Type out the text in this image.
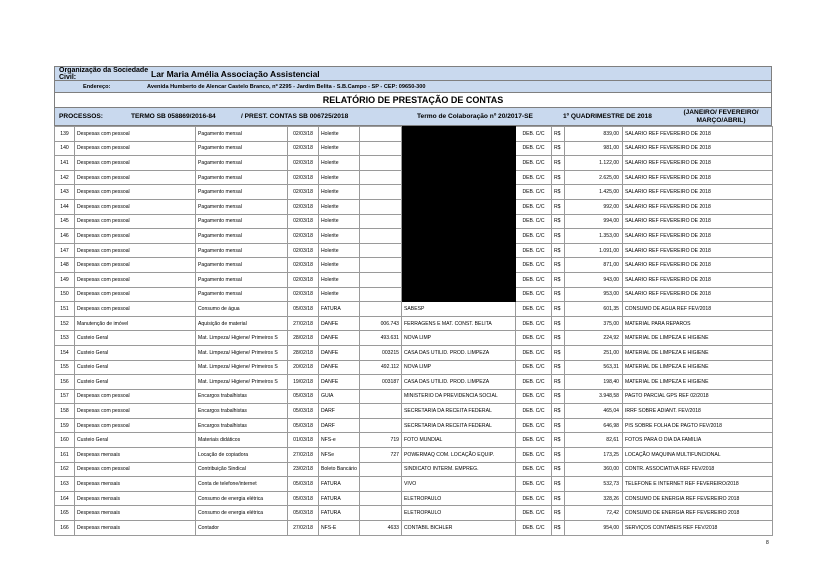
Organização da Sociedade Civil:	Lar Maria Amélia Associação Assistencial
Endereço:	Avenida Humberto de Alencar Castelo Branco, nº 2295 - Jardim Belita - S.B.Campo - SP - CEP: 09650-300
RELATÓRIO DE PRESTAÇÃO DE CONTAS
PROCESSOS:	TERMO SB 058869/2016-84	/ PREST. CONTAS SB 006725/2018	Termo de Colaboração nº 20/2017-SE	1º QUADRIMESTRE DE 2018
(JANEIRO/ FEVEREIRO/
MARÇO/ABRIL)
139	Despesas com pessoal	Pagamento mensal	02/03/18	Holerite			DEB. C/C	R$	839,00	SALARIO REF FEVEREIRO DE 2018
140	Despesas com pessoal	Pagamento mensal	02/03/18	Holerite			DEB. C/C	R$	981,00	SALARIO REF FEVEREIRO DE 2018
141	Despesas com pessoal	Pagamento mensal	02/03/18	Holerite			DEB. C/C	R$	1.122,00	SALARIO REF FEVEREIRO DE 2018
142	Despesas com pessoal	Pagamento mensal	02/03/18	Holerite			DEB. C/C	R$	2.625,00	SALARIO REF FEVEREIRO DE 2018
143	Despesas com pessoal	Pagamento mensal	02/03/18	Holerite			DEB. C/C	R$	1.425,00	SALARIO REF FEVEREIRO DE 2018
144	Despesas com pessoal	Pagamento mensal	02/03/18	Holerite			DEB. C/C	R$	992,00	SALARIO REF FEVEREIRO DE 2018
145	Despesas com pessoal	Pagamento mensal	02/03/18	Holerite			DEB. C/C	R$	994,00	SALARIO REF FEVEREIRO DE 2018
146	Despesas com pessoal	Pagamento mensal	02/03/18	Holerite			DEB. C/C	R$	1.353,00	SALARIO REF FEVEREIRO DE 2018
147	Despesas com pessoal	Pagamento mensal	02/03/18	Holerite			DEB. C/C	R$	1.091,00	SALARIO REF FEVEREIRO DE 2018
148	Despesas com pessoal	Pagamento mensal	02/03/18	Holerite			DEB. C/C	R$	871,00	SALARIO REF FEVEREIRO DE 2018
149	Despesas com pessoal	Pagamento mensal	02/03/18	Holerite			DEB. C/C	R$	943,00	SALARIO REF FEVEREIRO DE 2018
150	Despesas com pessoal	Pagamento mensal	02/03/18	Holerite			DEB. C/C	R$	953,00	SALARIO REF FEVEREIRO DE 2018
151	Despesas com pessoal	Consumo de água	05/03/18	FATURA		SABESP	DEB. C/C	R$	601,35	CONSUMO DE AGUA REF FEV/2018
152	Manutenção de imóvel	Aquisição de material	27/02/18	DANFE	006.743	FERRAGENS E MAT. CONST. BELITA	DEB. C/C	R$	375,00	MATERIAL PARA REPAROS
153	Custeio Geral	Mat. Limpeza/ Higiene/ Primeiros S	28/02/18	DANFE	493.631	NOVA LIMP	DEB. C/C	R$	224,92	MATERIAL DE LIMPEZA E HIGIENE
154	Custeio Geral	Mat. Limpeza/ Higiene/ Primeiros S	28/02/18	DANFE	003215	CASA DAS UTILID. PROD. LIMPEZA	DEB. C/C	R$	251,00	MATERIAL DE LIMPEZA E HIGIENE
155	Custeio Geral	Mat. Limpeza/ Higiene/ Primeiros S	20/02/18	DANFE	492.112	NOVA LIMP	DEB. C/C	R$	563,31	MATERIAL DE LIMPEZA E HIGIENE
156	Custeio Geral	Mat. Limpeza/ Higiene/ Primeiros S	19/02/18	DANFE	003187	CASA DAS UTILID. PROD. LIMPEZA	DEB. C/C	R$	198,40	MATERIAL DE LIMPEZA E HIGIENE
157	Despesas com pessoal	Encargos trabalhistas	05/03/18	GUIA		MINISTERIO DA PREVIDENCIA SOCIAL	DEB. C/C	R$	3.948,58	PAGTO PARCIAL GPS REF 02/2018
158	Despesas com pessoal	Encargos trabalhistas	05/03/18	DARF		SECRETARIA DA RECEITA FEDERAL	DEB. C/C	R$	465,04	IRRF SOBRE ADIANT. FEV/2018
159	Despesas com pessoal	Encargos trabalhistas	05/03/18	DARF		SECRETARIA DA RECEITA FEDERAL	DEB. C/C	R$	646,98	PIS SOBRE FOLHA DE PAGTO FEV/2018
160	Custeio Geral	Materiais didáticos	01/03/18	NFS-e	719	FOTO MUNDIAL	DEB. C/C	R$	82,61	FOTOS PARA O DIA DA FAMILIA
161	Despesas mensais	Locação de copiadora	27/02/18	NFSe	727	POWERMAQ COM. LOCAÇÃO EQUIP.	DEB. C/C	R$	173,25	LOCAÇÃO MAQUINA MULTIFUNCIONAL
162	Despesas com pessoal	Contribuição Sindical	23/02/18	Boleto Bancário		SINDICATO INTERM. EMPREG.	DEB. C/C	R$	360,00	CONTR. ASSOCIATIVA REF FEV/2018
163	Despesas mensais	Conta de telefone/internet	05/03/18	FATURA		VIVO	DEB. C/C	R$	532,73	TELEFONE E INTERNET REF FEVEREIRO/2018
164	Despesas mensais	Consumo de energia elétrica	05/03/18	FATURA		ELETROPAULO	DEB. C/C	R$	328,26	CONSUMO DE ENERGIA REF FEVEREIRO 2018
165	Despesas mensais	Consumo de energia elétrica	05/03/18	FATURA		ELETROPAULO	DEB. C/C	R$	72,42	CONSUMO DE ENERGIA REF FEVEREIRO 2018
166	Despesas mensais	Contador	27/02/18	NFS-E	4633	CONTABIL BICHLER	DEB. C/C	R$	954,00	SERVIÇOS CONTABEIS REF FEV/2018
8
